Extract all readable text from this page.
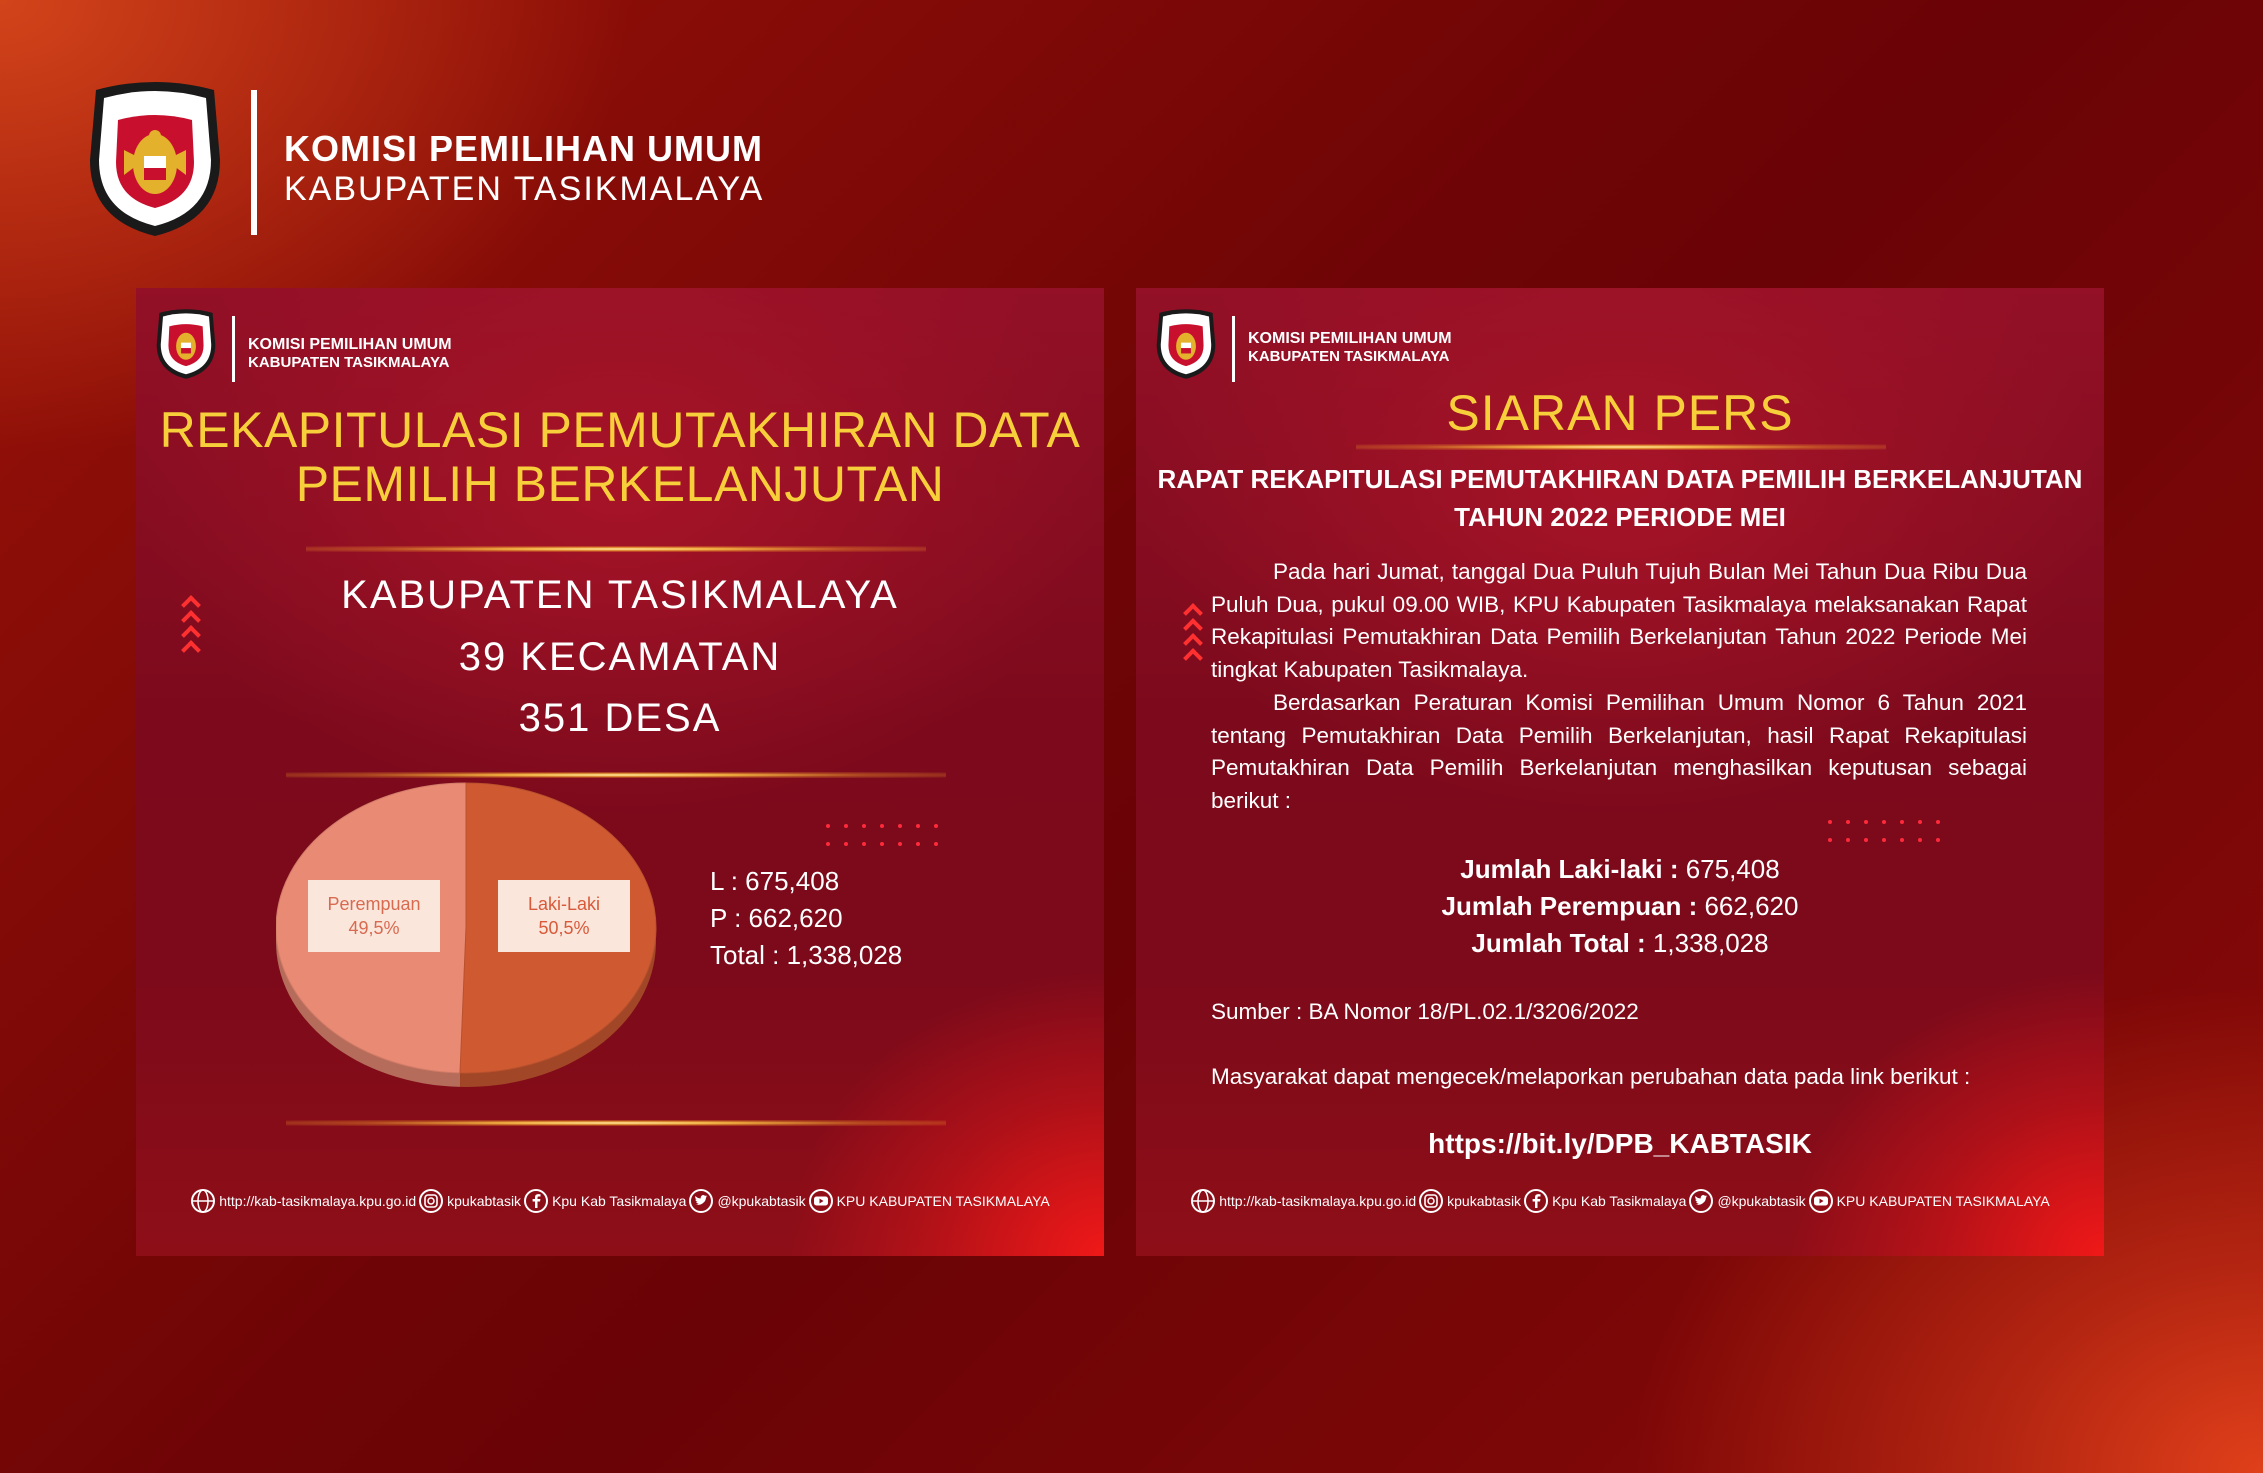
KOMISI PEMILIHAN UMUM
KABUPATEN TASIKMALAYA
KOMISI PEMILIHAN UMUM
KABUPATEN TASIKMALAYA
REKAPITULASI PEMUTAKHIRAN DATA
PEMILIH BERKELANJUTAN
KABUPATEN TASIKMALAYA
39 KECAMATAN
351 DESA
Perempuan
49,5%
Laki-Laki
50,5%
L : 675,408
P : 662,620
Total : 1,338,028
http://kab-tasikmalaya.kpu.go.id kpukabtasik Kpu Kab Tasikmalaya @kpukabtasik KPU KABUPATEN TASIKMALAYA
KOMISI PEMILIHAN UMUM
KABUPATEN TASIKMALAYA
SIARAN PERS
RAPAT REKAPITULASI PEMUTAKHIRAN DATA PEMILIH BERKELANJUTAN
TAHUN 2022 PERIODE MEI
Pada hari Jumat, tanggal Dua Puluh Tujuh Bulan Mei Tahun Dua Ribu Dua Puluh Dua, pukul 09.00 WIB, KPU Kabupaten Tasikmalaya melaksanakan Rapat Rekapitulasi Pemutakhiran Data Pemilih Berkelanjutan Tahun 2022 Periode Mei tingkat Kabupaten Tasikmalaya.
Berdasarkan Peraturan Komisi Pemilihan Umum Nomor 6 Tahun 2021 tentang Pemutakhiran Data Pemilih Berkelanjutan, hasil Rapat Rekapitulasi Pemutakhiran Data Pemilih Berkelanjutan menghasilkan keputusan sebagai berikut :
Jumlah Laki-laki : 675,408
Jumlah Perempuan : 662,620
Jumlah Total : 1,338,028
Sumber : BA Nomor 18/PL.02.1/3206/2022
Masyarakat dapat mengecek/melaporkan perubahan data pada link berikut :
https://bit.ly/DPB_KABTASIK
http://kab-tasikmalaya.kpu.go.id kpukabtasik Kpu Kab Tasikmalaya @kpukabtasik KPU KABUPATEN TASIKMALAYA
